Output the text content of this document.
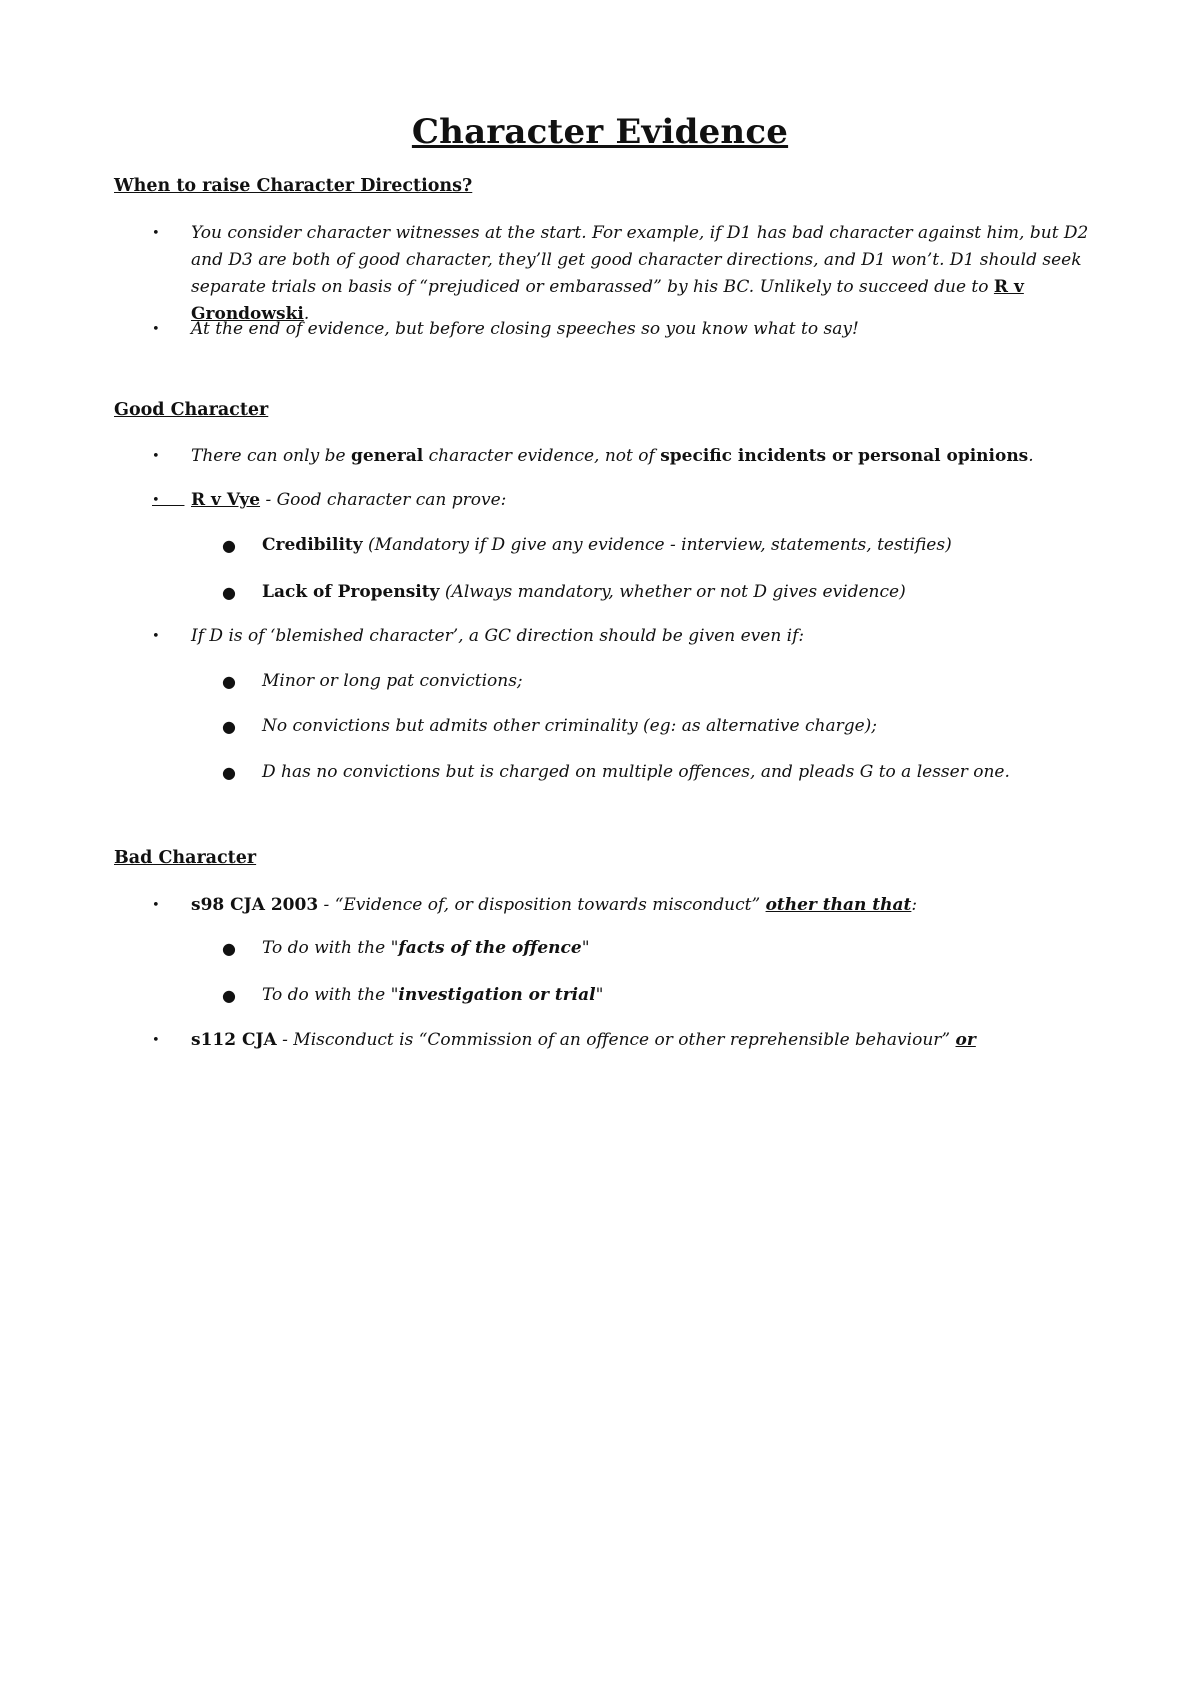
Character Evidence
When to raise Character Directions?
• You consider character witnesses at the start. For example, if D1 has bad character against him, but D2 and D3 are both of good character, they’ll get good character directions, and D1 won’t. D1 should seek separate trials on basis of “prejudiced or embarassed” by his BC. Unlikely to succeed due to R v Grondowski.
• At the end of evidence, but before closing speeches so you know what to say!
Good Character
• There can only be general character evidence, not of specific incidents or personal opinions.
• R v Vye - Good character can prove:
● Credibility (Mandatory if D give any evidence - interview, statements, testifies)
● Lack of Propensity (Always mandatory, whether or not D gives evidence)
• If D is of ‘blemished character’, a GC direction should be given even if:
● Minor or long pat convictions;
● No convictions but admits other criminality (eg: as alternative charge);
● D has no convictions but is charged on multiple offences, and pleads G to a lesser one.
Bad Character
• s98 CJA 2003 - “Evidence of, or disposition towards misconduct” other than that:
● To do with the "facts of the offence"
● To do with the "investigation or trial"
• s112 CJA - Misconduct is “Commission of an offence or other reprehensible behaviour” or
